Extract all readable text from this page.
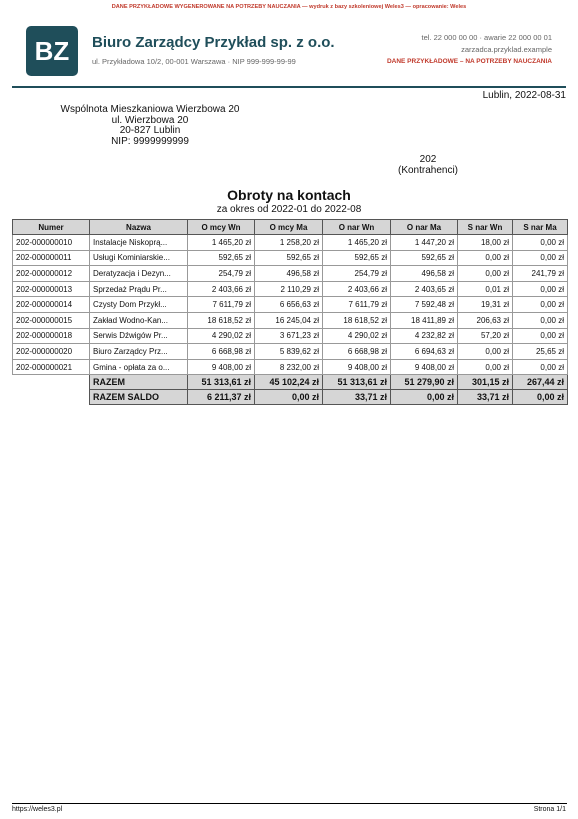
DANE PRZYKŁADOWE WYGENEROWANE NA POTRZEBY NAUCZANIA — wydruk z bazy szkoleniowej Weles3 — opracowanie: Weles
BZ	Biuro Zarządcy Przykład sp. z o.o.
ul. Przykładowa 10/2, 00-001 Warszawa · NIP 999-999-99-99
tel. 22 000 00 00 · awarie 22 000 00 01
zarzadca.przyklad.example
DANE PRZYKŁADOWE – NA POTRZEBY NAUCZANIA
Lublin, 2022-08-31
Wspólnota Mieszkaniowa Wierzbowa 20
ul. Wierzbowa 20
20-827 Lublin
NIP: 9999999999
202
(Kontrahenci)
Obroty na kontach
za okres od 2022-01 do 2022-08
Numer	Nazwa	O mcy Wn	O mcy Ma	O nar Wn	O nar Ma	S nar Wn	S nar Ma
202-000000010	Instalacje Niskoprą...	1 465,20 zł	1 258,20 zł	1 465,20 zł	1 447,20 zł	18,00 zł	0,00 zł
202-000000011	Usługi Kominiarskie...	592,65 zł	592,65 zł	592,65 zł	592,65 zł	0,00 zł	0,00 zł
202-000000012	Deratyzacja i Dezyn...	254,79 zł	496,58 zł	254,79 zł	496,58 zł	0,00 zł	241,79 zł
202-000000013	Sprzedaż Prądu Pr...	2 403,66 zł	2 110,29 zł	2 403,66 zł	2 403,65 zł	0,01 zł	0,00 zł
202-000000014	Czysty Dom Przykł...	7 611,79 zł	6 656,63 zł	7 611,79 zł	7 592,48 zł	19,31 zł	0,00 zł
202-000000015	Zakład Wodno-Kan...	18 618,52 zł	16 245,04 zł	18 618,52 zł	18 411,89 zł	206,63 zł	0,00 zł
202-000000018	Serwis Dźwigów Pr...	4 290,02 zł	3 671,23 zł	4 290,02 zł	4 232,82 zł	57,20 zł	0,00 zł
202-000000020	Biuro Zarządcy Prz...	6 668,98 zł	5 839,62 zł	6 668,98 zł	6 694,63 zł	0,00 zł	25,65 zł
202-000000021	Gmina - opłata za o...	9 408,00 zł	8 232,00 zł	9 408,00 zł	9 408,00 zł	0,00 zł	0,00 zł
	RAZEM	51 313,61 zł	45 102,24 zł	51 313,61 zł	51 279,90 zł	301,15 zł	267,44 zł
	RAZEM SALDO	6 211,37 zł	0,00 zł	33,71 zł	0,00 zł	33,71 zł	0,00 zł
https://weles3.pl	Strona 1/1
